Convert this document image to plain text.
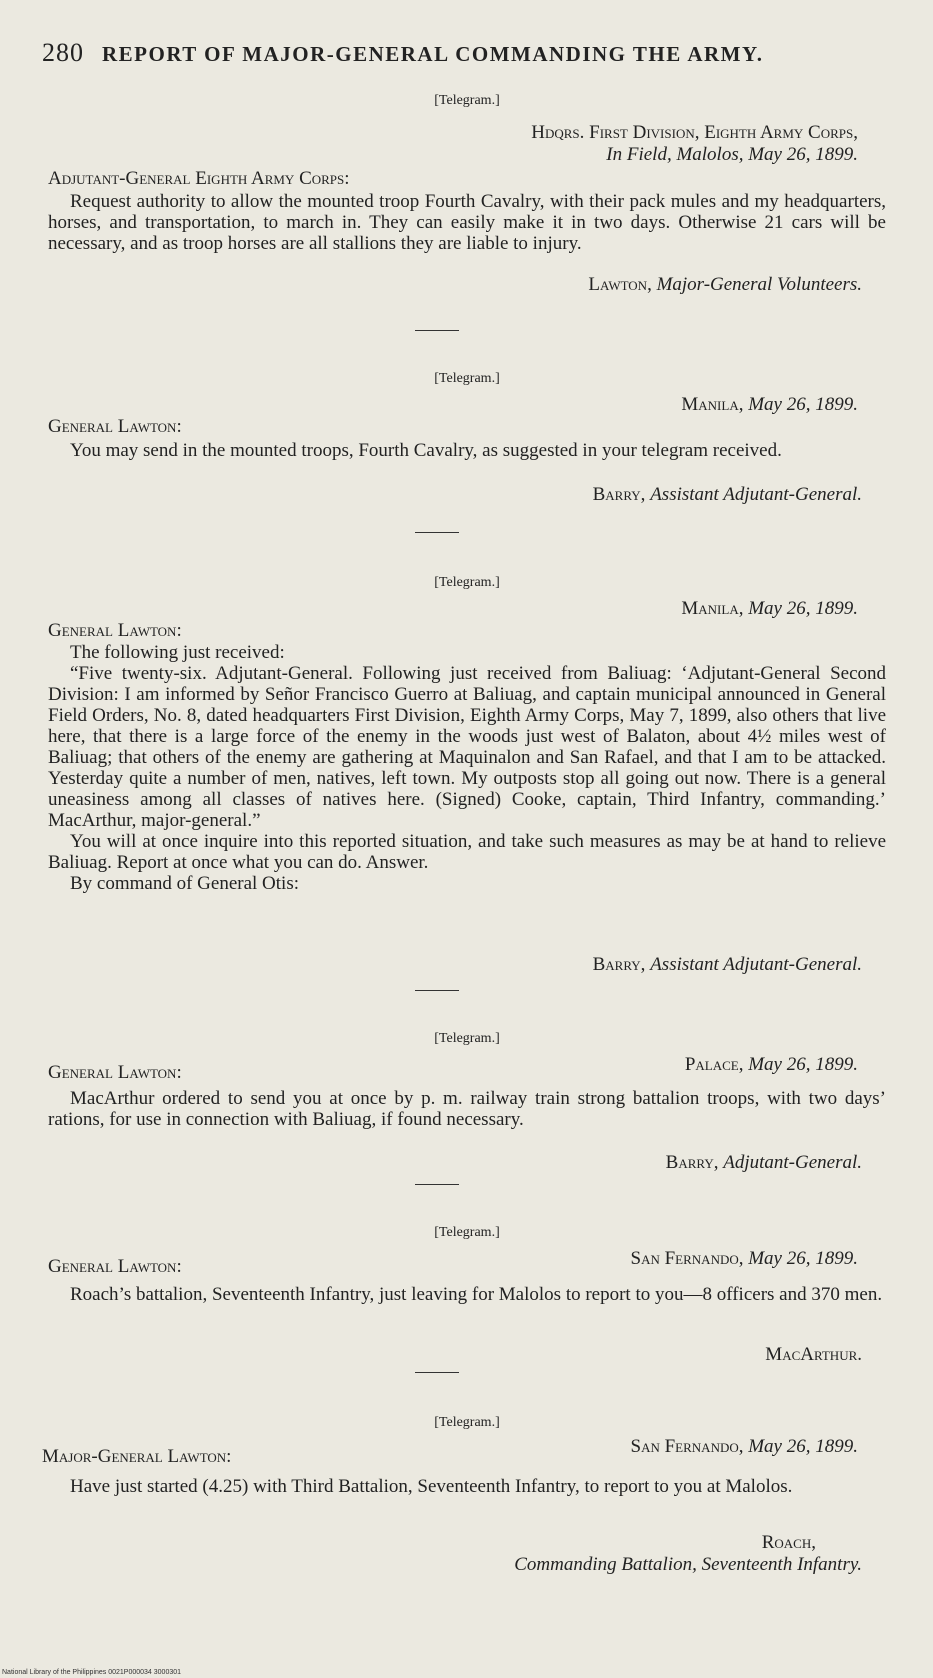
280 REPORT OF MAJOR-GENERAL COMMANDING THE ARMY.
[Telegram.]
Hdqrs. First Division, Eighth Army Corps,
In Field, Malolos, May 26, 1899.
Adjutant-General Eighth Army Corps:

Request authority to allow the mounted troop Fourth Cavalry, with their pack mules and my headquarters, horses, and transportation, to march in. They can easily make it in two days. Otherwise 21 cars will be necessary, and as troop horses are all stallions they are liable to injury.

Lawton, Major-General Volunteers.
[Telegram.]
Manila, May 26, 1899.
General Lawton:

You may send in the mounted troops, Fourth Cavalry, as suggested in your telegram received.

Barry, Assistant Adjutant-General.
[Telegram.]
Manila, May 26, 1899.
General Lawton:

The following just received:

“Five twenty-six. Adjutant-General. Following just received from Baliuag: ‘Adjutant-General Second Division: I am informed by Señor Francisco Guerro at Baliuag, and captain municipal announced in General Field Orders, No. 8, dated headquarters First Division, Eighth Army Corps, May 7, 1899, also others that live here, that there is a large force of the enemy in the woods just west of Balaton, about 4½ miles west of Baliuag; that others of the enemy are gathering at Maquinalon and San Rafael, and that I am to be attacked. Yesterday quite a number of men, natives, left town. My outposts stop all going out now. There is a general uneasiness among all classes of natives here. (Signed) Cooke, captain, Third Infantry, commanding.’ MacArthur, major-general.”

You will at once inquire into this reported situation, and take such measures as may be at hand to relieve Baliuag. Report at once what you can do. Answer.

By command of General Otis:

Barry, Assistant Adjutant-General.
[Telegram.]
Palace, May 26, 1899.
General Lawton:

MacArthur ordered to send you at once by p. m. railway train strong battalion troops, with two days’ rations, for use in connection with Baliuag, if found necessary.

Barry, Adjutant-General.
[Telegram.]
San Fernando, May 26, 1899.
General Lawton:

Roach’s battalion, Seventeenth Infantry, just leaving for Malolos to report to you—8 officers and 370 men.

MacArthur.
[Telegram.]
San Fernando, May 26, 1899.
Major-General Lawton:

Have just started (4.25) with Third Battalion, Seventeenth Infantry, to report to you at Malolos.

Roach,
Commanding Battalion, Seventeenth Infantry.
National Library of the Philippines 0021P000034 3000301
